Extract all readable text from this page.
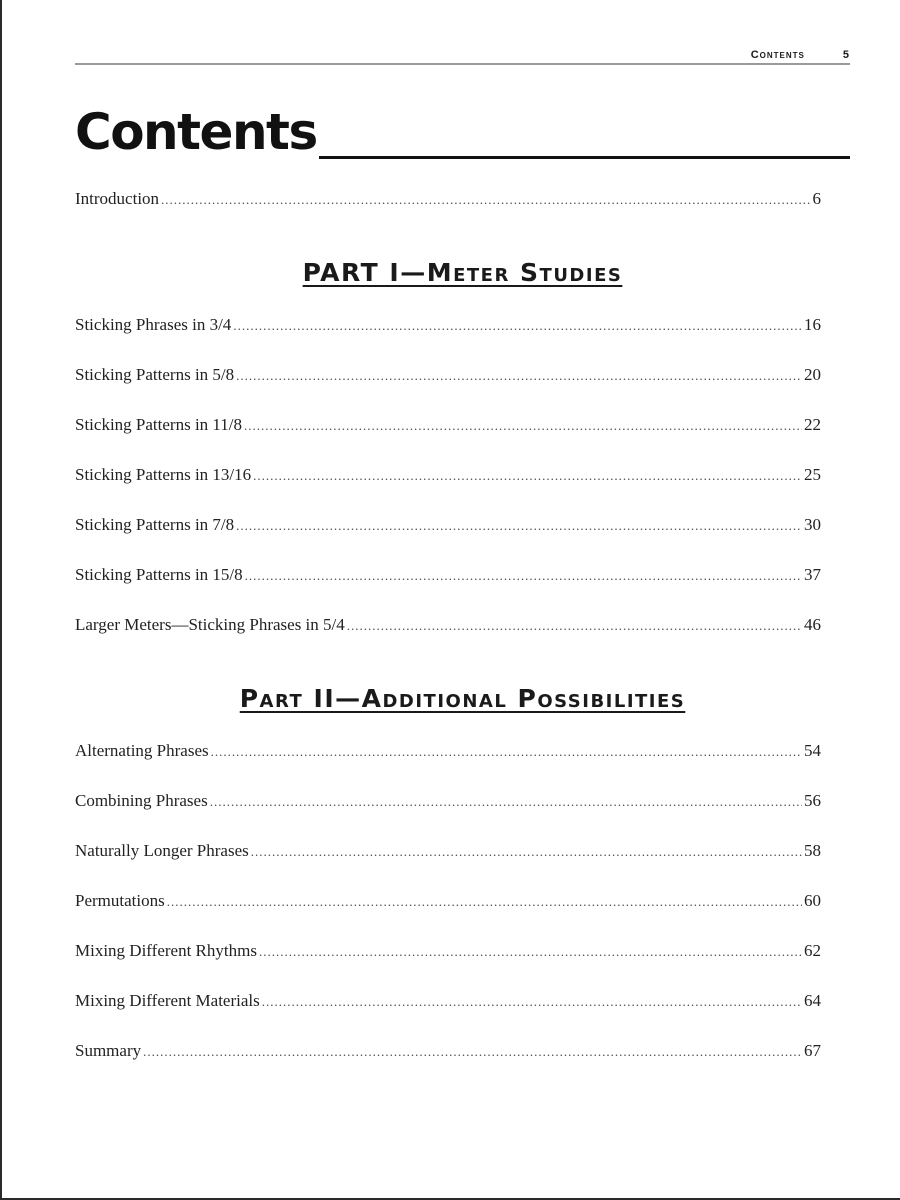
Contents	5
Contents
Introduction .....	6
PART I—Meter Studies
Sticking Phrases in 3/4 .....	16
Sticking Patterns in 5/8 .....	20
Sticking Patterns in 11/8 .....	22
Sticking Patterns in 13/16 .....	25
Sticking Patterns in 7/8 .....	30
Sticking Patterns in 15/8 .....	37
Larger Meters—Sticking Phrases in 5/4 .....	46
Part II—Additional Possibilities
Alternating Phrases .....	54
Combining Phrases .....	56
Naturally Longer Phrases .....	58
Permutations .....	60
Mixing Different Rhythms .....	62
Mixing Different Materials .....	64
Summary .....	67
